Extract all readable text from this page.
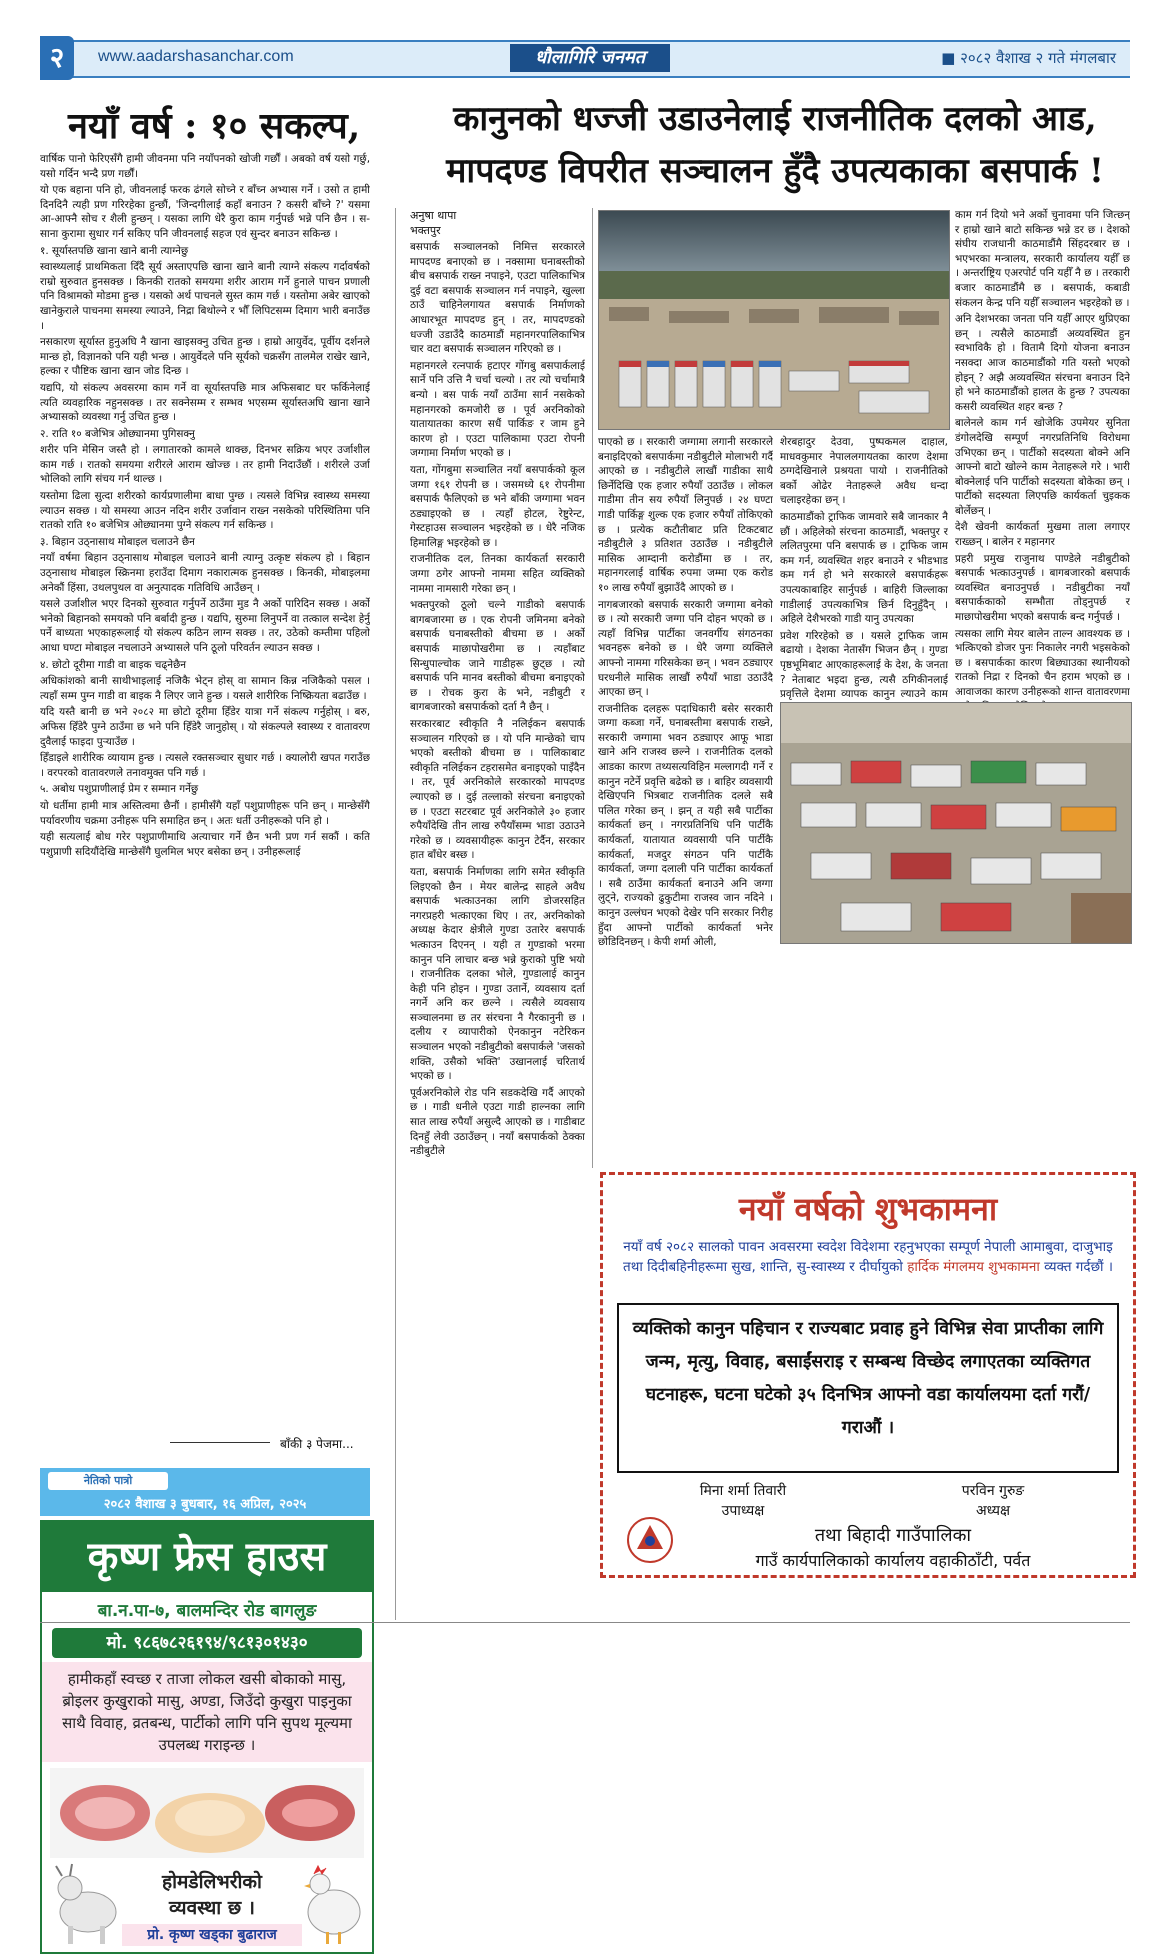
२	www.aadarshasanchar.com	धौलागिरि जनमत	■ २०८२ वैशाख २ गते मंगलबार
नयाँ वर्ष : १० सकल्प,

वार्षिक पानो फेरिएसँगै हामी जीवनमा पनि नयाँपनको खोजी गर्छौं । अबको वर्ष यसो गर्छु, यसो गर्दिन भन्दै प्रण गर्छौं।

यो एक बहाना पनि हो, जीवनलाई फरक ढंगले सोच्ने र बाँच्न अभ्यास गर्ने । उसो त हामी दिनदिनै त्यही प्रण गरिरहेका हुन्छौं, 'जिन्दगीलाई कहाँ बनाउन ? कसरी बाँच्ने ?' यसमा आ-आफ्नै सोच र शैली हुन्छन् । यसका लागि धेरै कुरा काम गर्नुपर्छ भन्ने पनि छैन । स-साना कुरामा सुधार गर्न सकिए पनि जीवनलाई सहज एवं सुन्दर बनाउन सकिन्छ ।

१. सूर्यास्तपछि खाना खाने बानी त्याग्नेछु

स्वास्थ्यलाई प्राथमिकता दिँदै सूर्य अस्ताएपछि खाना खाने बानी त्याग्ने संकल्प गर्दावर्षको राम्रो सुरुवात हुनसक्छ । किनकी रातको समयमा शरीर आराम गर्ने हुनाले पाचन प्रणाली पनि विश्रामको मोडमा हुन्छ । यसको अर्थ पाचनले सुस्त काम गर्छ । यस्तोमा अबेर खाएको खानेकुराले पाचनमा समस्या ल्याउने, निद्रा बिथोल्ने र भौँ लिपिटसम्म दिमाग भारी बनाउँछ ।

नसकारण सूर्यास्त हुनुअघि नै खाना खाइसक्नु उचित हुन्छ । हाम्रो आयुर्वेद, पूर्वीय दर्शनले मान्छ हो, विज्ञानको पनि यही भन्छ । आयुर्वेदले पनि सूर्यको चक्रसँग तालमेल राखेर खाने, हल्का र पौष्टिक खाना खान जोड दिन्छ ।

यद्यपि, यो संकल्प अवसरमा काम गर्ने वा सूर्यास्तपछि मात्र अफिसबाट घर फर्किनेलाई त्यति व्यवहारिक नहुनसक्छ । तर सक्नेसम्म र सम्भव भएसम्म सूर्यास्तअघि खाना खाने अभ्यासको व्यवस्था गर्नु उचित हुन्छ ।

२. राति १० बजेभित्र ओछ्यानमा पुगिसक्नु

शरीर पनि मेसिन जस्तै हो । लगातारको कामले थाक्छ, दिनभर सक्रिय भएर उर्जाशील काम गर्छ । रातको समयमा शरीरले आराम खोज्छ । तर हामी निदाउँछौं । शरीरले उर्जा भोलिको लागि संचय गर्न थाल्छ ।

यस्तोमा ढिला सुत्दा शरीरको कार्यप्रणालीमा बाधा पुग्छ । त्यसले विभिन्न स्वास्थ्य समस्या ल्याउन सक्छ । यो समस्या आउन नदिन शरीर उर्जावान राख्न नसकेको परिस्थितिमा पनि रातको राति १० बजेभित्र ओछ्यानमा पुग्ने संकल्प गर्न सकिन्छ ।

३. बिहान उठ्नासाथ मोबाइल चलाउने छैन

नयाँ वर्षमा बिहान उठ्नासाथ मोबाइल चलाउने बानी त्याग्नु उत्कृष्ट संकल्प हो । बिहान उठ्नासाथ मोबाइल स्क्रिनमा हराउँदा दिमाग नकारात्मक हुनसक्छ । किनकी, मोबाइलमा अनेकौं हिंसा, उथलपुथल वा अनुत्पादक गतिविधि आउँछन् ।

यसले उर्जाशील भएर दिनको सुरुवात गर्नुपर्ने ठाउँमा मुड नै अर्को पारिदिन सक्छ । अर्को भनेको बिहानको समयको पनि बर्बादी हुन्छ । यद्यपि, सुरुमा लिनुपर्ने वा तत्काल सन्देश हेर्नु पर्ने बाध्यता भएकाहरूलाई यो संकल्प कठिन लाग्न सक्छ । तर, उठेको कम्तीमा पहिलो आधा घण्टा मोबाइल नचलाउने अभ्यासले पनि ठूलो परिवर्तन ल्याउन सक्छ ।

४. छोटो दूरीमा गाडी वा बाइक चढ्नेछैन

अधिकांशको बानी साथीभाइलाई नजिकै भेट्न होस् वा सामान किन्न नजिकैको पसल । त्यहाँ सम्म पुग्न गाडी वा बाइक नै लिएर जाने हुन्छ । यसले शारीरिक निष्क्रियता बढाउँछ ।

यदि यस्तै बानी छ भने २०८२ मा छोटो दूरीमा हिँडेर यात्रा गर्ने संकल्प गर्नुहोस् । बरु, अफिस हिँडेरै पुग्ने ठाउँमा छ भने पनि हिँडेरै जानुहोस् । यो संकल्पले स्वास्थ्य र वातावरण दुवैलाई फाइदा पुऱ्याउँछ ।

हिँडाइले शारीरिक व्यायाम हुन्छ । त्यसले रक्तसञ्चार सुधार गर्छ । क्यालोरी खपत गराउँछ । वरपरको वातावरणले तनावमुक्त पनि गर्छ ।

५. अबोध पशुप्राणीलाई प्रेम र सम्मान गर्नेछु

यो धर्तीमा हामी मात्र अस्तित्वमा छैनौं । हामीसँगै यहाँ पशुप्राणीहरू पनि छन् । मान्छेसँगै पर्यावरणीय चक्रमा उनीहरू पनि समाहित छन् । अतः धर्ती उनीहरूको पनि हो ।

यही सत्यलाई बोध गरेर पशुप्राणीमाथि अत्याचार गर्ने छैन भनी प्रण गर्न सकौं । कति पशुप्राणी सदियौंदेखि मान्छेसँगै घुलमिल भएर बसेका छन् । उनीहरूलाई

बाँकी ३ पेजमा...
नेतिको पात्रो
२०८२ वैशाख ३ बुधबार, १६ अप्रिल, २०२५
कृष्ण फ्रेस हाउस
बा.न.पा-७, बालमन्दिर रोड बागलुङ
मो. ९८६७८२६१९४/९८१३०१४३०
हामीकहाँ स्वच्छ र ताजा लोकल खसी बोकाको मासु, ब्रोइलर कुखुराको मासु, अण्डा, जिउँदो कुखुरा पाइनुका साथै विवाह, व्रतबन्ध, पार्टीको लागि पनि सुपथ मूल्यमा उपलब्ध गराइन्छ ।
होमडेलिभरीको
व्यवस्था छ ।
प्रो. कृष्ण खड्का बुढाराज
कानुनको धज्जी उडाउनेलाई राजनीतिक दलको आड,
मापदण्ड विपरीत सञ्चालन हुँदै उपत्यकाका बसपार्क !
अनुषा थापा
भक्तपुर

बसपार्क सञ्चालनको निमित्त सरकारले मापदण्ड बनाएको छ । नक्सामा घनाबस्तीको बीच बसपार्क राख्न नपाइने, एउटा पालिकाभित्र दुई वटा बसपार्क सञ्चालन गर्न नपाइने, खुल्ला ठाउँ चाहिनेलगायत बसपार्क निर्माणको आधारभूत मापदण्ड हुन् । तर, मापदण्डको धज्जी उडाउँदै काठमाडौं महानगरपालिकाभित्र चार वटा बसपार्क सञ्चालन गरिएको छ ।

महानगरले रत्नपार्क हटाएर गोंगबु बसपार्कलाई सार्ने पनि उत्ति नै चर्चा चल्यो । तर त्यो चर्चामात्रै बन्यो । बस पार्क नयाँ ठाउँमा सार्न नसकेको महानगरको कमजोरी छ । पूर्व अरनिकोको यातायातका कारण सधैं पार्किङ र जाम हुने कारण हो । एउटा पालिकामा एउटा रोपनी जग्गामा निर्माण भएको छ ।

यता, गोंगबुमा सञ्चालित नयाँ बसपार्कको कूल जग्गा १६१ रोपनी छ । जसमध्ये ६१ रोपनीमा बसपार्क फैलिएको छ भने बाँकी जग्गामा भवन ठड्याइएको छ । त्यहाँ होटल, रेष्टुरेन्ट, गेस्टहाउस सञ्चालन भइरहेको छ । धेरै नजिक हिमालिङ्ग भइरहेको छ ।

राजनीतिक दल, तिनका कार्यकर्ता सरकारी जग्गा ठगेर आफ्नो नाममा सहित व्यक्तिको नाममा नामसारी गरेका छन् ।

भक्तपुरको ठूलो चल्ने गाडीको बसपार्क बागबजारमा छ । एक रोपनी जमिनमा बनेको बसपार्क घनाबस्तीको बीचमा छ । अर्को बसपार्क माछापोखरीमा छ । त्यहाँबाट सिन्धुपाल्चोक जाने गाडीहरू छुट्छ । त्यो बसपार्क पनि मानव बस्तीको बीचमा बनाइएको छ । रोचक कुरा के भने, नडीबुटी र बागबजारको बसपार्कको दर्ता नै छैन् ।

सरकारबाट स्वीकृति नै नलिईकन बसपार्क सञ्चालन गरिएको छ । यो पनि मान्छेको चाप भएको बस्तीको बीचमा छ । पालिकाबाट स्वीकृति नलिईकन टहरासमेत बनाइएको पाइँदैन । तर, पूर्व अरनिकोले सरकारको मापदण्ड ल्याएको छ । दुई तल्लाको संरचना बनाइएको छ । एउटा सटरबाट पूर्व अरनिकोले ३० हजार रुपैयाँदेखि तीन लाख रुपैयाँसम्म भाडा उठाउने गरेको छ । व्यवसायीहरू कानुन टेर्दैन, सरकार हात बाँधेर बस्छ ।

यता, बसपार्क निर्माणका लागि समेत स्वीकृति लिइएको छैन । मेयर बालेन्द्र साहले अवैध बसपार्क भत्काउनका लागि डोजरसहित नगरप्रहरी भत्काएका थिए । तर, अरनिकोको अध्यक्ष केदार क्षेत्रीले गुण्डा उतारेर बसपार्क भत्काउन दिएनन् । यही त गुण्डाको भरमा कानुन पनि लाचार बन्छ भन्ने कुराको पुष्टि भयो । राजनीतिक दलका भोले, गुण्डालाई कानुन केही पनि होइन । गुण्डा उतार्ने, व्यवसाय दर्ता नगर्ने अनि कर छल्ने । त्यसैले व्यवसाय सञ्चालनमा छ तर संरचना नै गैरकानुनी छ । दलीय र व्यापारीको ऐनकानुन नटेरिकन सञ्चालन भएको नडीबुटीको बसपार्कले 'जसको शक्ति, उसैको भक्ति' उखानलाई चरितार्थ भएको छ ।

पूर्वअरनिकोले रोड पनि सडकदेखि गर्दै आएको छ । गाडी धनीले एउटा गाडी हाल्नका लागि सात लाख रुपैयाँ असुल्दै आएको छ । गाडीबाट दिनहुँ लेवी उठाउँछन् । नयाँ बसपार्कको ठेक्का नडीबुटीले

काम गर्न दियो भने अर्को चुनावमा पनि जित्छन् र हाम्रो खाने बाटो सकिन्छ भन्ने डर छ । देशको संघीय राजधानी काठमाडौंमै सिंहदरबार छ । भएभरका मन्त्रालय, सरकारी कार्यालय यहीँ छ । अन्तर्राष्ट्रिय एअरपोर्ट पनि यहीँ नै छ । तरकारी बजार काठमाडौंमै छ । बसपार्क, कबाडी संकलन केन्द्र पनि यहीँ सञ्चालन भइरहेको छ ।

अनि देशभरका जनता पनि यहीँ आएर थुप्रिएका छन् । त्यसैले काठमाडौं अव्यवस्थित हुन स्वभाविकै हो । वितामै दिगो योजना बनाउन नसक्दा आज काठमाडौंको गति यस्तो भएको होइन् ? अझै अव्यवस्थित संरचना बनाउन दिने हो भने काठमाडौंको हालत के हुन्छ ? उपत्यका कसरी व्यवस्थित शहर बन्छ ?

बालेनले काम गर्न खोजेकि उपमेयर सुनिता डंगोलदेखि सम्पूर्ण नगरप्रतिनिधि विरोधमा उभिएका छन् । पार्टीको सदस्यता बोक्ने अनि आफ्नो बाटो खोल्ने काम नेताहरूले गरे । भारी बोक्नेलाई पनि पार्टीको सदस्यता बोकेका छन् । पार्टीको सदस्यता लिएपछि कार्यकर्ता चुइकक बोर्लेछन् ।

देशै खेवनी कार्यकर्ता मुखमा ताला लगाएर राख्छन् । बालेन र महानगर

प्रहरी प्रमुख राजुनाथ पाण्डेले नडीबुटीको बसपार्क भत्काउनुपर्छ । बागबजारको बसपार्क व्यवस्थित बनाउनुपर्छ । नडीबुटीका नयाँ बसपार्ककाको सम्भौता तोड्नुपर्छ र माछापोखरीमा भएको बसपार्क बन्द गर्नुपर्छ ।

त्यसका लागि मेयर बालेन ताल्न आवश्यक छ । भत्किएको डोजर पुनः निकालेर नगरी भइसकेको छ । बसपार्कका कारण बिछ्याउका स्थानीयको रातको निद्रा र दिनको चैन हराम भएको छ । आवाजका कारण उनीहरूको शान्त वातावरणमा

पाएको छ । सरकारी जग्गामा लगानी सरकारले बनाइदिएको बसपार्कमा नडीबुटीले मोलाभरी गर्दै आएको छ । नडीबुटीले लाखौं गाडीका साथै छिर्नेदिखि एक हजार रुपैयाँ उठाउँछ । लोकल गाडीमा तीन सय रुपैयाँ लिनुपर्छ । २४ घण्टा गाडी पार्किङ्ग शुल्क एक हजार रुपैयाँ तोकिएको छ । प्रत्येक कटौतीबाट प्रति टिकटबाट नडीबुटीले ३ प्रतिशत उठाउँछ । नडीबुटीले मासिक आम्दानी करोडौंमा छ । तर, महानगरलाई वार्षिक रुपमा जम्मा एक करोड १० लाख रुपैयाँ बुझाउँदै आएको छ ।

नागबजारको बसपार्क सरकारी जग्गामा बनेको छ । त्यो सरकारी जग्गा पनि दोहन भएको छ । त्यहाँ विभिन्न पार्टीका जनवर्गीय संगठनका भवनहरू बनेको छ । धेरै जग्गा व्यक्तिले आफ्नो नाममा गरिसकेका छन् । भवन ठड्याएर घरधनीले मासिक लाखौं रुपैयाँ भाडा उठाउँदै आएका छन् ।

राजनीतिक दलहरू पदाधिकारी बसेर सरकारी जग्गा कब्जा गर्ने, घनाबस्तीमा बसपार्क राख्ने, सरकारी जग्गामा भवन ठड्याएर आफू भाडा खाने अनि राजस्व छल्ने । राजनीतिक दलको आडका कारण तथ्यसत्यविहिन मल्लागदी गर्ने र कानुन नटेर्ने प्रवृत्ति बढेको छ । बाहिर व्यवसायी देखिएपनि भित्रबाट राजनीतिक दलले सबै पलित गरेका छन् । झन् त यही सबै पार्टीका कार्यकर्ता छन् । नगरप्रतिनिधि पनि पार्टीकै कार्यकर्ता, यातायात व्यवसायी पनि पार्टीकै कार्यकर्ता, मजदुर संगठन पनि पार्टीकै कार्यकर्ता, जग्गा दलाली पनि पार्टीका कार्यकर्ता । सबै ठाउँमा कार्यकर्ता बनाउने अनि जग्गा लुट्ने, राज्यको ढुकुटीमा राजस्व जान नदिने । कानुन उल्लंघन भएको देखेर पनि सरकार निरीह हुँदा आफ्नो पार्टीको कार्यकर्ता भनेर छोडिदिनछन् । केपी शर्मा ओली,

शेरबहादुर देउवा, पुष्पकमल दाहाल, माधवकुमार नेपाललगायतका कारण देशमा ठग्गदेखिनाले प्रश्रयता पायो । राजनीतिको बर्को ओढेर नेताहरूले अवैध धन्दा चलाइरहेका छन् ।

काठमाडौंको ट्राफिक जामवारे सबै जानकार नै छौं । अहिलेको संरचना काठमाडौं, भक्तपुर र ललितपुरमा पनि बसपार्क छ । ट्राफिक जाम कम गर्न, व्यवस्थित शहर बनाउने र भीडभाड कम गर्न हो भने सरकारले बसपार्कहरू उपत्यकाबाहिर सार्नुपर्छ । बाहिरी जिल्लाका गाडीलाई उपत्यकाभित्र छिर्न दिनुहुँदैन् । अहिले देशैभरको गाडी यानु उपत्यका

प्रवेश गरिरहेको छ । यसले ट्राफिक जाम बढायो । देशका नेतासँग भिजन छैन् । गुण्डा पृष्ठभूमिबाट आएकाहरूलाई के देश, के जनता ? नेताबाट भइदा हुन्छ, त्यसै ठगिकीनलाई प्रवृत्तिले देशमा व्यापक कानुन ल्याउने काम

नयाँ वर्षको शुभकामना
नयाँ वर्ष २०८२ सालको पावन अवसरमा स्वदेश विदेशमा रहनुभएका सम्पूर्ण नेपाली आमाबुवा, दाजुभाइ तथा दिदीबहिनीहरूमा सुख, शान्ति, सु-स्वास्थ्य र दीर्घायुको हार्दिक मंगलमय शुभकामना व्यक्त गर्दछौं ।
व्यक्तिको कानुन पहिचान र राज्यबाट प्रवाह हुने विभिन्न सेवा प्राप्तीका लागि जन्म, मृत्यु, विवाह, बसाईंसराइ र सम्बन्ध विच्छेद लगाएतका व्यक्तिगत घटनाहरू, घटना घटेको ३५ दिनभित्र आफ्नो वडा कार्यालयमा दर्ता गरौं/गराऔं ।
मिना शर्मा तिवारी
उपाध्यक्ष
परविन गुरुङ
अध्यक्ष
तथा बिहादी गाउँपालिका
गाउँ कार्यपालिकाको कार्यालय वहाकीठाँटी, पर्वत
